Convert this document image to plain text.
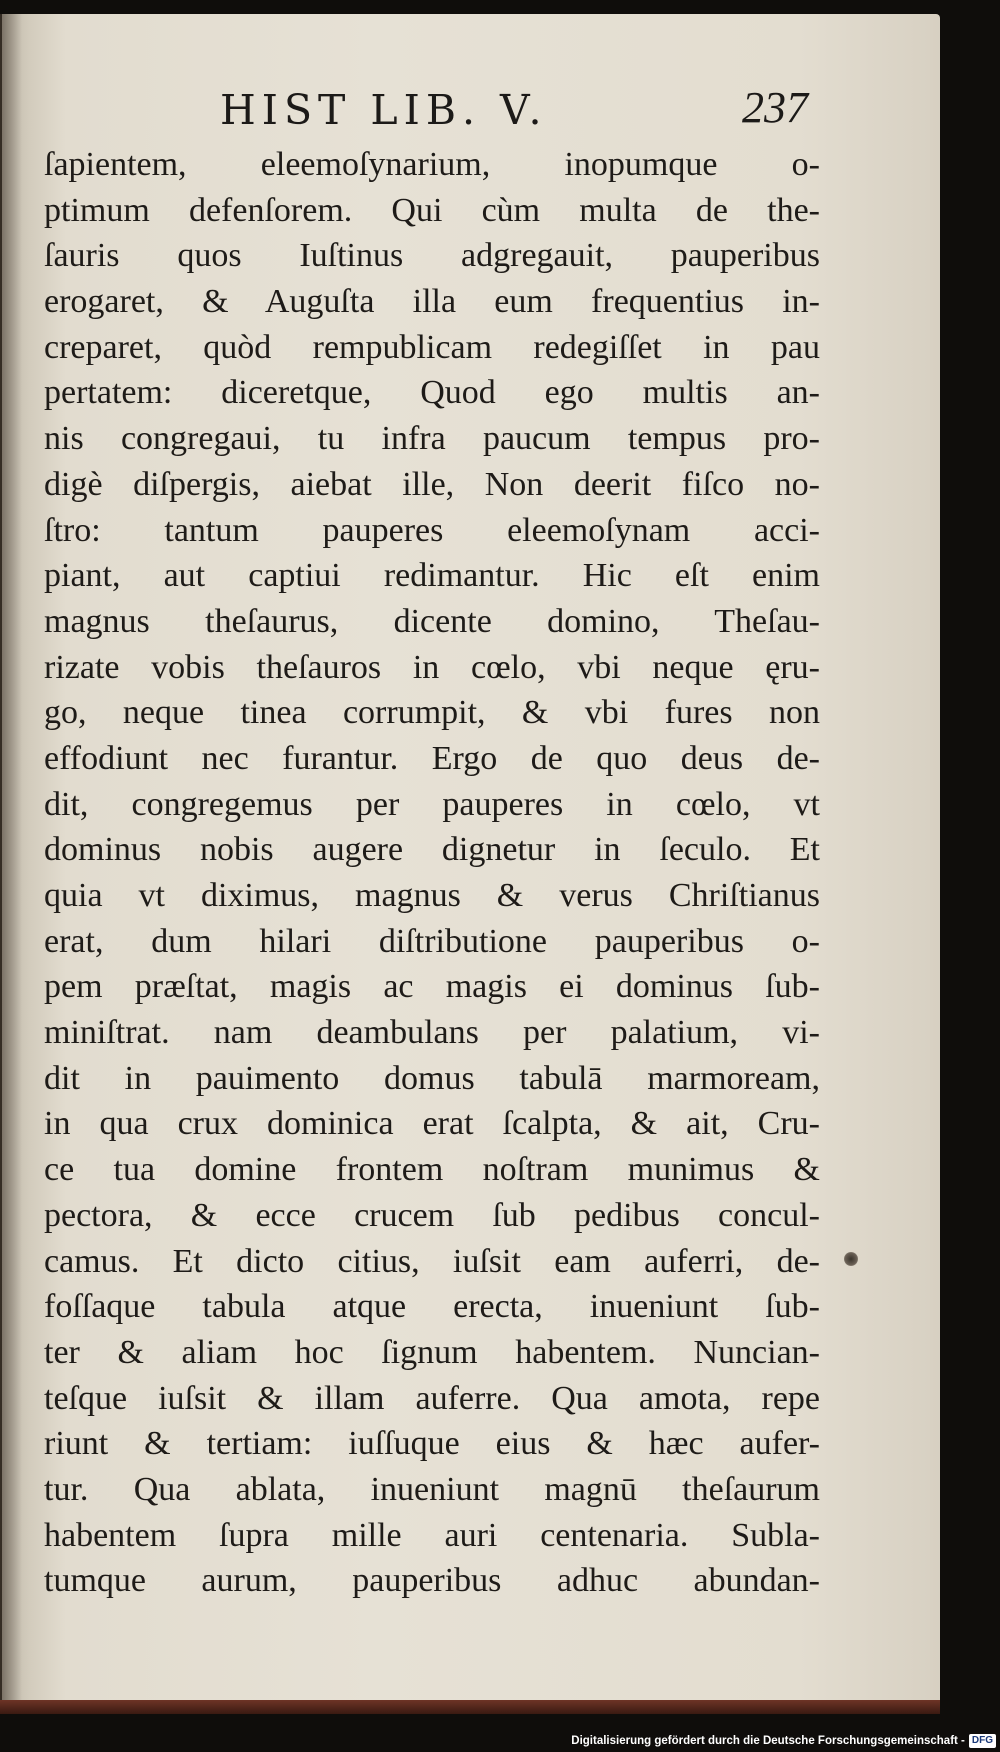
HIST LIB. V.	237
ſapientem, eleemoſynarium, inopumque o-
ptimum defenſorem. Qui cùm multa de the-
ſauris quos Iuſtinus adgregauit, pauperibus
erogaret, & Auguſta illa eum frequentius in-
creparet, quòd rempublicam redegiſſet in pau
pertatem: diceretque, Quod ego multis an-
nis congregaui, tu infra paucum tempus pro-
digè diſpergis, aiebat ille, Non deerit fiſco no-
ſtro: tantum pauperes eleemoſynam acci-
piant, aut captiui redimantur. Hic eſt enim
magnus theſaurus, dicente domino, Theſau-
rizate vobis theſauros in cœlo, vbi neque ęru-
go, neque tinea corrumpit, & vbi fures non
effodiunt nec furantur. Ergo de quo deus de-
dit, congregemus per pauperes in cœlo, vt
dominus nobis augere dignetur in ſeculo. Et
quia vt diximus, magnus & verus Chriſtianus
erat, dum hilari diſtributione pauperibus o-
pem præſtat, magis ac magis ei dominus ſub-
miniſtrat. nam deambulans per palatium, vi-
dit in pauimento domus tabulā marmoream,
in qua crux dominica erat ſcalpta, & ait, Cru-
ce tua domine frontem noſtram munimus &
pectora, & ecce crucem ſub pedibus concul-
camus. Et dicto citius, iuſsit eam auferri, de-
foſſaque tabula atque erecta, inueniunt ſub-
ter & aliam hoc ſignum habentem. Nuncian-
teſque iuſsit & illam auferre. Qua amota, repe
riunt & tertiam: iuſſuque eius & hæc aufer-
tur. Qua ablata, inueniunt magnū theſaurum
habentem ſupra mille auri centenaria. Subla-
tumque aurum, pauperibus adhuc abundan-
Digitalisierung gefördert durch die Deutsche Forschungsgemeinschaft - DFG
